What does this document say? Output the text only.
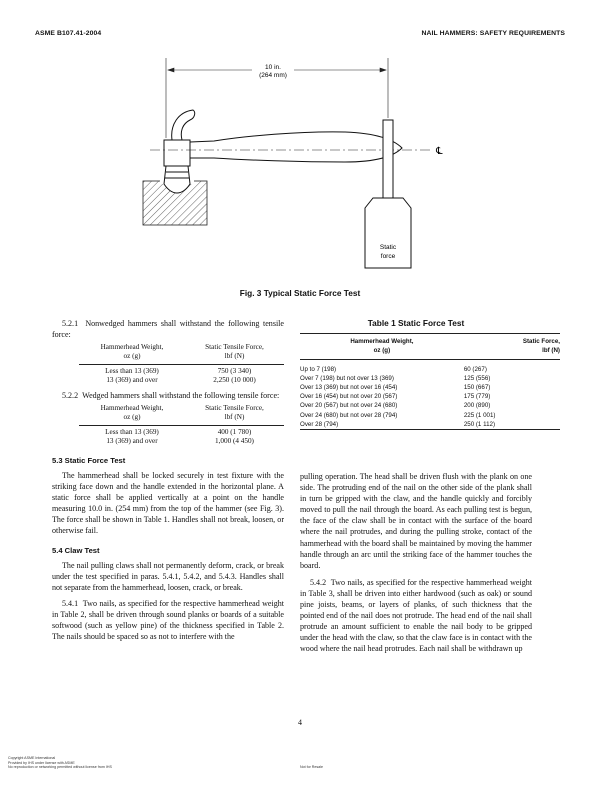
ASME B107.41-2004	NAIL HAMMERS: SAFETY REQUIREMENTS
10 in.
(264 mm)
℄
Static
force
Fig. 3 Typical Static Force Test

5.2.1 Nonwedged hammers shall withstand the following tensile force:

Hammerhead Weight,
oz (g)	Static Tensile Force,
lbf (N)
Less than 13 (369)	750 (3 340)
13 (369) and over	2,250 (10 000)

5.2.2 Wedged hammers shall withstand the following tensile force:

Hammerhead Weight,
oz (g)	Static Tensile Force,
lbf (N)
Less than 13 (369)	400 (1 780)
13 (369) and over	1,000 (4 450)
5.3 Static Force Test

The hammerhead shall be locked securely in test fixture with the striking face down and the handle extended in the horizontal plane. A static force shall be applied vertically at a point on the handle measuring 10.0 in. (254 mm) from the top of the hammer (see Fig. 3). The force shall be shown in Table 1. Handles shall not break, loosen, or otherwise fail.

5.4 Claw Test

The nail pulling claws shall not permanently deform, crack, or break under the test specified in paras. 5.4.1, 5.4.2, and 5.4.3. Handles shall not separate from the hammerhead, loosen, crack, or break.

5.4.1 Two nails, as specified for the respective hammerhead weight in Table 2, shall be driven through sound planks or boards of a suitable softwood (such as yellow pine) of the thickness specified in Table 2. The nails should be spaced so as not to interfere with the

Table 1 Static Force Test
Hammerhead Weight,
oz (g)	Static Force,
lbf (N)

Up to 7 (198)	60 (267)
Over 7 (198) but not over 13 (369)	125 (556)
Over 13 (369) but not over 16 (454)	150 (667)
Over 16 (454) but not over 20 (567)	175 (779)
Over 20 (567) but not over 24 (680)	200 (890)
Over 24 (680) but not over 28 (794)	225 (1 001)
Over 28 (794)	250 (1 112)

pulling operation. The head shall be driven flush with the plank on one side. The protruding end of the nail on the other side of the plank shall in turn be gripped with the claw, and the handle quickly and forcibly moved to pull the nail through the board. As each pulling test is begun, the face of the claw shall be in contact with the surface of the board where the nail protrudes, and during the pulling stroke, contact of the hammerhead with the board shall be maintained by moving the hammer handle through an arc until the striking face of the hammer touches the board.

5.4.2 Two nails, as specified for the respective hammerhead weight in Table 3, shall be driven into either hardwood (such as oak) or sound pine joists, beams, or layers of planks, of such thickness that the pointed end of the nail does not protrude. The head end of the nail shall protrude an amount sufficient to enable the nail body to be gripped under the head with the claw, so that the claw face is in contact with the wood where the nail head protrudes. Each nail shall be withdrawn up

4
Copyright ASME International
Provided by IHS under license with ASME
No reproduction or networking permitted without license from IHS	Not for Resale
